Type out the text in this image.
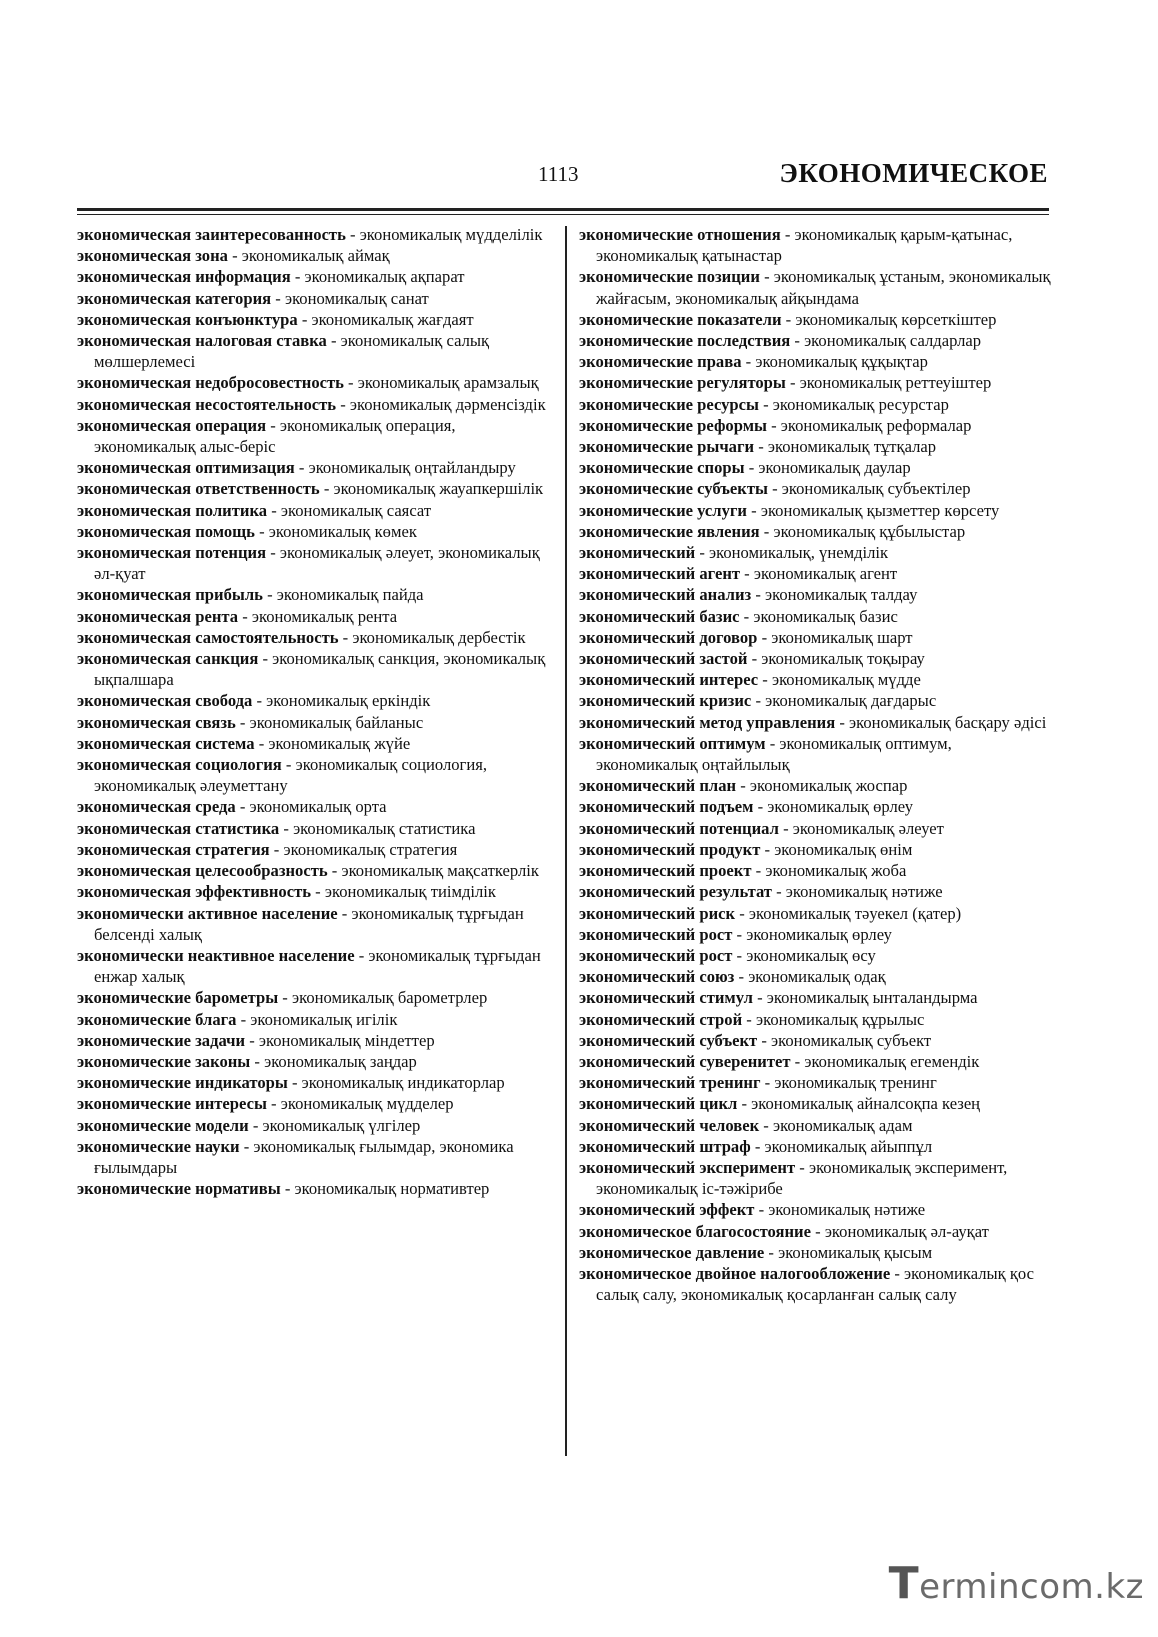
1113	ЭКОНОМИЧЕСКОЕ
экономическая заинтересованность - экономикалық мүдделілік
экономическая зона - экономикалық аймақ
экономическая информация - экономикалық ақпарат
экономическая категория - экономикалық санат
экономическая конъюнктура - экономикалық жағдаят
экономическая налоговая ставка - экономикалық салық мөлшерлемесі
экономическая недобросовестность - экономикалық арамзалық
экономическая несостоятельность - экономикалық дәрменсіздік
экономическая операция - экономикалық операция, экономикалық алыс-беріс
экономическая оптимизация - экономикалық оңтайландыру
экономическая ответственность - экономикалық жауапкершілік
экономическая политика - экономикалық саясат
экономическая помощь - экономикалық көмек
экономическая потенция - экономикалық әлеует, экономикалық әл-қуат
экономическая прибыль - экономикалық пайда
экономическая рента - экономикалық рента
экономическая самостоятельность - экономикалық дербестік
экономическая санкция - экономикалық санкция, экономикалық ықпалшара
экономическая свобода - экономикалық еркіндік
экономическая связь - экономикалық байланыс
экономическая система - экономикалық жүйе
экономическая социология - экономикалық социология, экономикалық әлеуметтану
экономическая среда - экономикалық орта
экономическая статистика - экономикалық статистика
экономическая стратегия - экономикалық стратегия
экономическая целесообразность - экономикалық мақсаткерлік
экономическая эффективность - экономикалық тиімділік
экономически активное население - экономикалық тұрғыдан белсенді халық
экономически неактивное население - экономикалық тұрғыдан енжар халық
экономические барометры - экономикалық барометрлер
экономические блага - экономикалық игілік
экономические задачи - экономикалық міндеттер
экономические законы - экономикалық заңдар
экономические индикаторы - экономикалық индикаторлар
экономические интересы - экономикалық мүдделер
экономические модели - экономикалық үлгілер
экономические науки - экономикалық ғылымдар, экономика ғылымдары
экономические нормативы - экономикалық нормативтер
экономические отношения - экономикалық қарым-қатынас, экономикалық қатынастар
экономические позиции - экономикалық ұстаным, экономикалық жайғасым, экономикалық айқындама
экономические показатели - экономикалық көрсеткіштер
экономические последствия - экономикалық салдарлар
экономические права - экономикалық құқықтар
экономические регуляторы - экономикалық реттеуіштер
экономические ресурсы - экономикалық ресурстар
экономические реформы - экономикалық реформалар
экономические рычаги - экономикалық тұтқалар
экономические споры - экономикалық даулар
экономические субъекты - экономикалық субъектілер
экономические услуги - экономикалық қызметтер көрсету
экономические явления - экономикалық құбылыстар
экономический - экономикалық, үнемділік
экономический агент - экономикалық агент
экономический анализ - экономикалық талдау
экономический базис - экономикалық базис
экономический договор - экономикалық шарт
экономический застой - экономикалық тоқырау
экономический интерес - экономикалық мүдде
экономический кризис - экономикалық дағдарыс
экономический метод управления - экономикалық басқару әдісі
экономический оптимум - экономикалық оптимум, экономикалық оңтайлылық
экономический план - экономикалық жоспар
экономический подъем - экономикалық өрлеу
экономический потенциал - экономикалық әлеует
экономический продукт - экономикалық өнім
экономический проект - экономикалық жоба
экономический результат - экономикалық нәтиже
экономический риск - экономикалық тәуекел (қатер)
экономический рост - экономикалық өрлеу
экономический рост - экономикалық өсу
экономический союз - экономикалық одақ
экономический стимул - экономикалық ынталандырма
экономический строй - экономикалық құрылыс
экономический субъект - экономикалық субъект
экономический суверенитет - экономикалық егемендік
экономический тренинг - экономикалық тренинг
экономический цикл - экономикалық айналсоқпа кезең
экономический человек - экономикалық адам
экономический штраф - экономикалық айыппұл
экономический эксперимент - экономикалық эксперимент, экономикалық іс-тәжірибе
экономический эффект - экономикалық нәтиже
экономическое благосостояние - экономикалық әл-ауқат
экономическое давление - экономикалық қысым
экономическое двойное налогообложение - экономикалық қос салық салу, экономикалық қосарланған салық салу
Termincom.kz
